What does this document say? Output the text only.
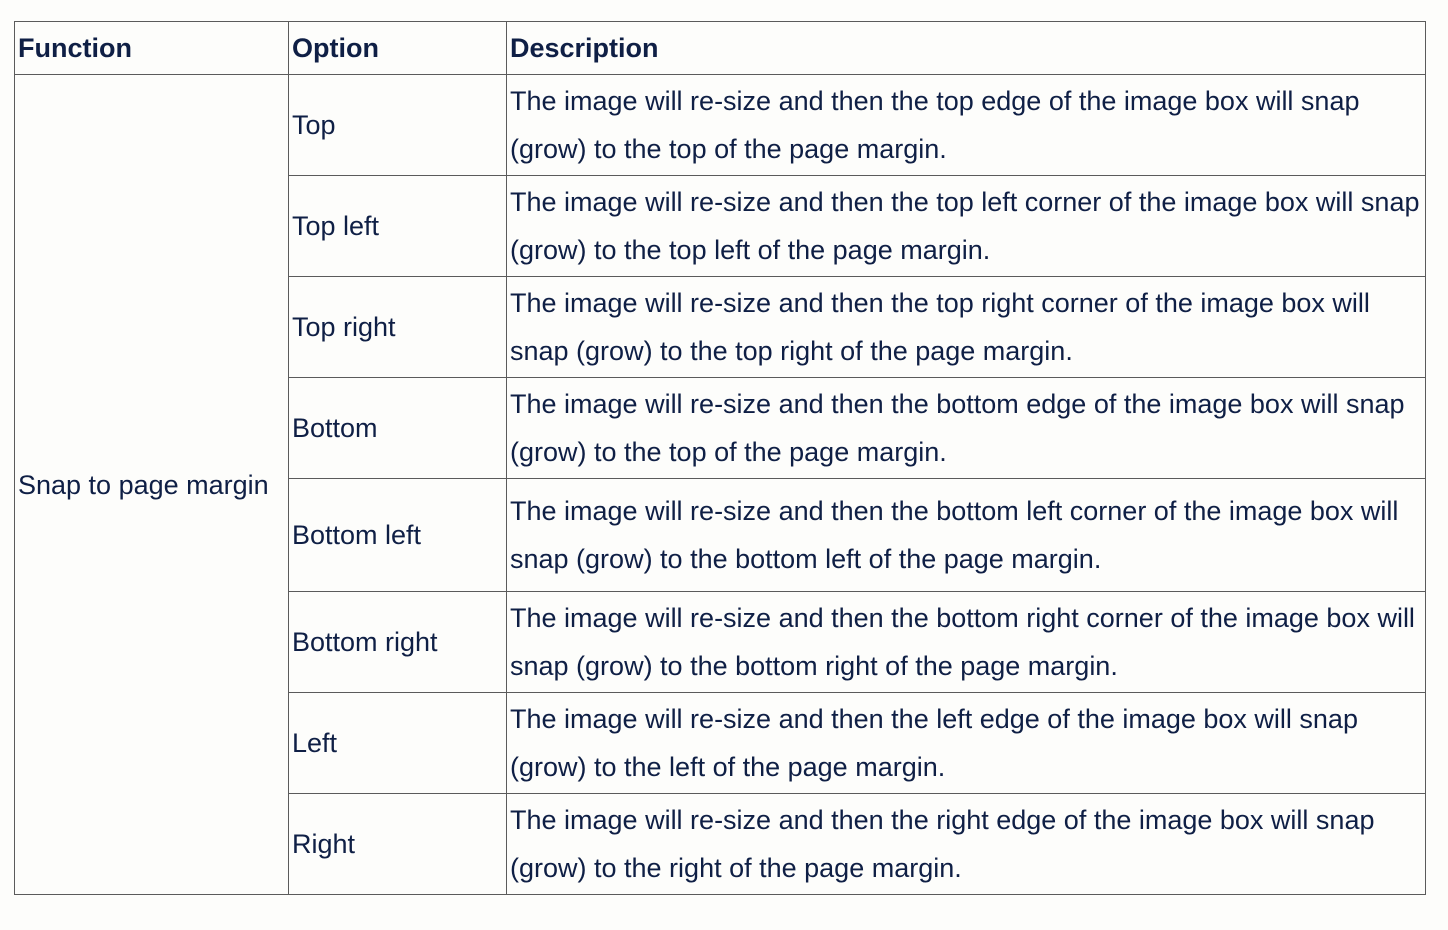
Function	Option	Description
Snap to page margin	Top	The image will re-size and then the top edge of the image box will snap (grow) to the top of the page margin.
	Top left	The image will re-size and then the top left corner of the image box will snap (grow) to the top left of the page margin.
	Top right	The image will re-size and then the top right corner of the image box will snap (grow) to the top right of the page margin.
	Bottom	The image will re-size and then the bottom edge of the image box will snap (grow) to the top of the page margin.
	Bottom left	The image will re-size and then the bottom left corner of the image box will snap (grow) to the bottom left of the page margin.
	Bottom right	The image will re-size and then the bottom right corner of the image box will snap (grow) to the bottom right of the page margin.
	Left	The image will re-size and then the left edge of the image box will snap (grow) to the left of the page margin.
	Right	The image will re-size and then the right edge of the image box will snap (grow) to the right of the page margin.
